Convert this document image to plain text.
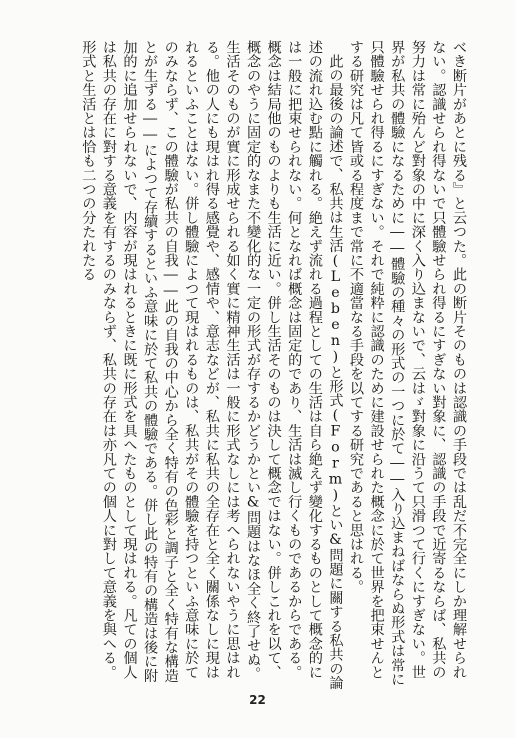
べき断片があとに残る』と云つた。此の断片そのものは認識の手段では乱だ不完全にしか理解せられない。認識せられ得ないで只體驗せられ得るにすぎない對象に、認識の手段で近寄るならば、私共の努力は常に殆んど對象の中に深く入り込まないで、云はゞ對象に沿うて只滑つて行くにすぎない。世界が私共の體驗になるために――體驗の種々の形式の一つに於て――入り込まねばならぬ形式は常に只體驗せられ得るにすぎない。それで純粋に認識のために建設せられた概念に於て世界を把束せんとする研究は凡て皆或る程度まで常に不適當なる手段を以てする研究であると思はれる。

此の最後の論述で、私共は生活(Leben)と形式(Form)とい&問題に關する私共の論述の流れ込む點に觸れる。絶えず流れる過程としての生活は自ら絶えず變化するものとして概念的には一般に把束せられない。何となれば概念は固定的であり、生活は滅し行くものであるからである。概念は結局他のものよりも生活に近い。併し生活そのものは決して概念ではない。併しこれを以て、概念のやうに固定的なまた不變化的な一定の形式が存するかどうかとい&問題はなほ全く終了せぬ。生活そのものが實に形成せられる如く實に精神生活は一般に形式なしには考へられないやうに思はれる。他の人にも現はれ得る感覺や、感情や、意志などが、私共に私共の全存在と全く關係なしに現はれるといふことはない。併し體驗によつて現はれるものは、私共がその體驗を持つといふ意味に於てのみならず、この體驗が私共の自我――此の自我の中心から全く特有の色彩と調子と全く特有な構造とが生ずる――によつて存續するといふ意味に於て私共の體驗である。併し此の特有の構造は後に附加的に追加せられないで、内容が現はれるときに既に形式を具へたものとして現はれる。凡ての個人は私共の存在に對する意義を有するのみならず、私共の存在は亦凡ての個人に對して意義を與へる。形式と生活とは恰も二つの分たれたる

22
